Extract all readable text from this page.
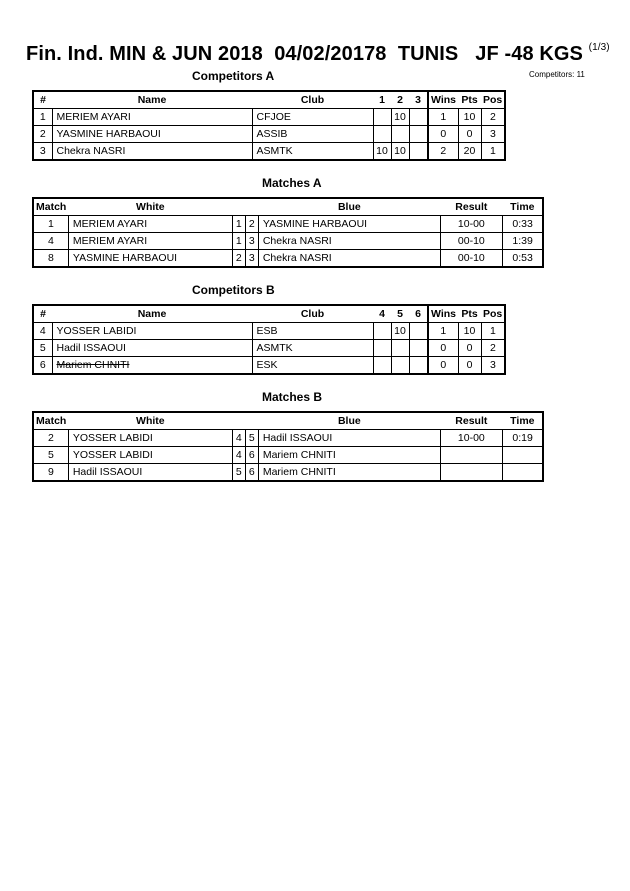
Fin. Ind. MIN & JUN 2018  04/02/20178  TUNIS   JF -48 KGS $^{(1/3)}$
Competitors A	Competitors: 11
#	Name	Club	1	2	3	Wins	Pts	Pos
1	MERIEM AYARI	CFJOE		10		1	10	2
2	YASMINE HARBAOUI	ASSIB				0	0	3
3	Chekra NASRI	ASMTK	10	10		2	20	1
Matches A
Match	White			Blue	Result	Time
1	MERIEM AYARI	1	2	YASMINE HARBAOUI	10-00	0:33
4	MERIEM AYARI	1	3	Chekra NASRI	00-10	1:39
8	YASMINE HARBAOUI	2	3	Chekra NASRI	00-10	0:53
Competitors B
#	Name	Club	4	5	6	Wins	Pts	Pos
4	YOSSER LABIDI	ESB		10		1	10	1
5	Hadil ISSAOUI	ASMTK				0	0	2
6	Mariem CHNITI	ESK				0	0	3
Matches B
Match	White			Blue	Result	Time
2	YOSSER LABIDI	4	5	Hadil ISSAOUI	10-00	0:19
5	YOSSER LABIDI	4	6	Mariem CHNITI		
9	Hadil ISSAOUI	5	6	Mariem CHNITI		
